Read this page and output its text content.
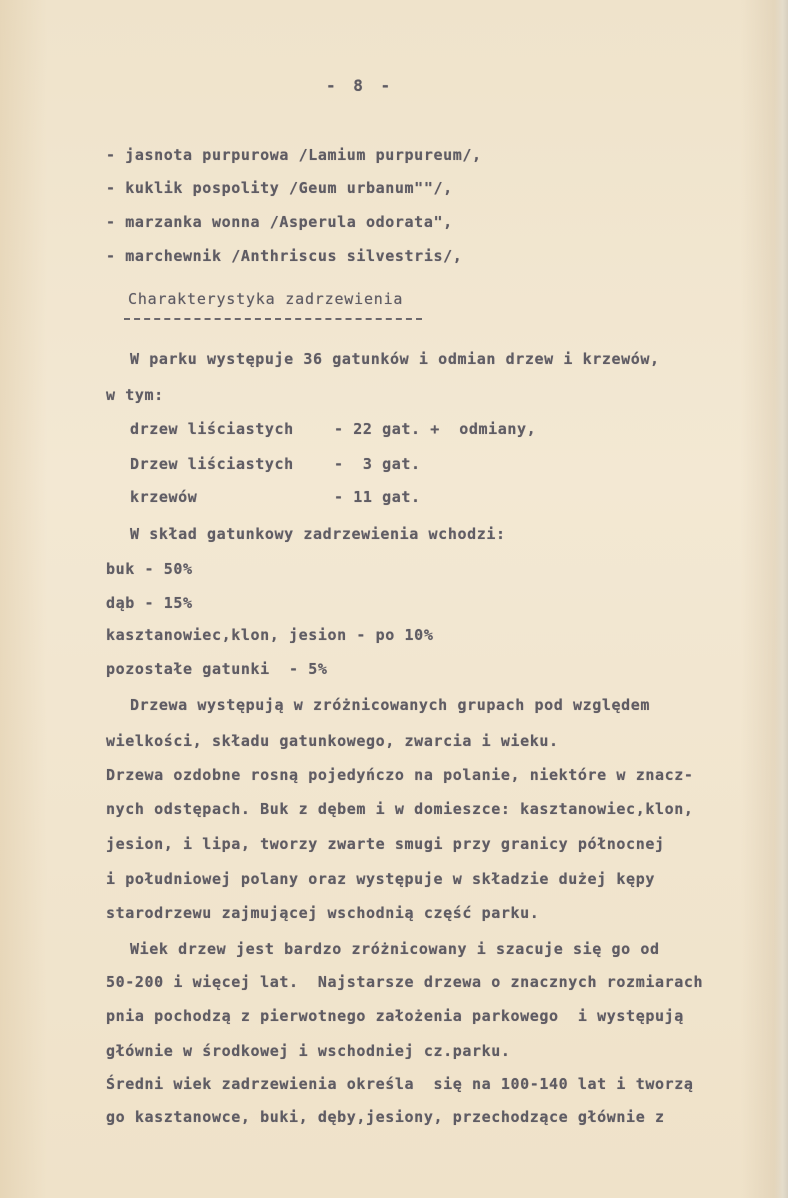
- 8 -
- jasnota purpurowa /Lamium purpureum/,
- kuklik pospolity /Geum urbanum""/,
- marzanka wonna /Asperula odorata",
- marchewnik /Anthriscus silvestris/,
Charakterystyka zadrzewienia
W parku występuje 36 gatunków i odmian drzew i krzewów,
w tym:
drzew liściastych	- 22 gat. +  odmiany,
Drzew liściastych	-  3 gat.
krzewów	- 11 gat.
W skład gatunkowy zadrzewienia wchodzi:
buk - 50%
dąb - 15%
kasztanowiec,klon, jesion - po 10%
pozostałe gatunki  - 5%
Drzewa występują w zróżnicowanych grupach pod względem
wielkości, składu gatunkowego, zwarcia i wieku.
Drzewa ozdobne rosną pojedyńczo na polanie, niektóre w znacz-
nych odstępach. Buk z dębem i w domieszce: kasztanowiec,klon,
jesion, i lipa, tworzy zwarte smugi przy granicy północnej
i południowej polany oraz występuje w składzie dużej kępy
starodrzewu zajmującej wschodnią część parku.
Wiek drzew jest bardzo zróżnicowany i szacuje się go od
50-200 i więcej lat.  Najstarsze drzewa o znacznych rozmiarach
pnia pochodzą z pierwotnego założenia parkowego  i występują
głównie w środkowej i wschodniej cz.parku.
Średni wiek zadrzewienia określa  się na 100-140 lat i tworzą
go kasztanowce, buki, dęby,jesiony, przechodzące głównie z
